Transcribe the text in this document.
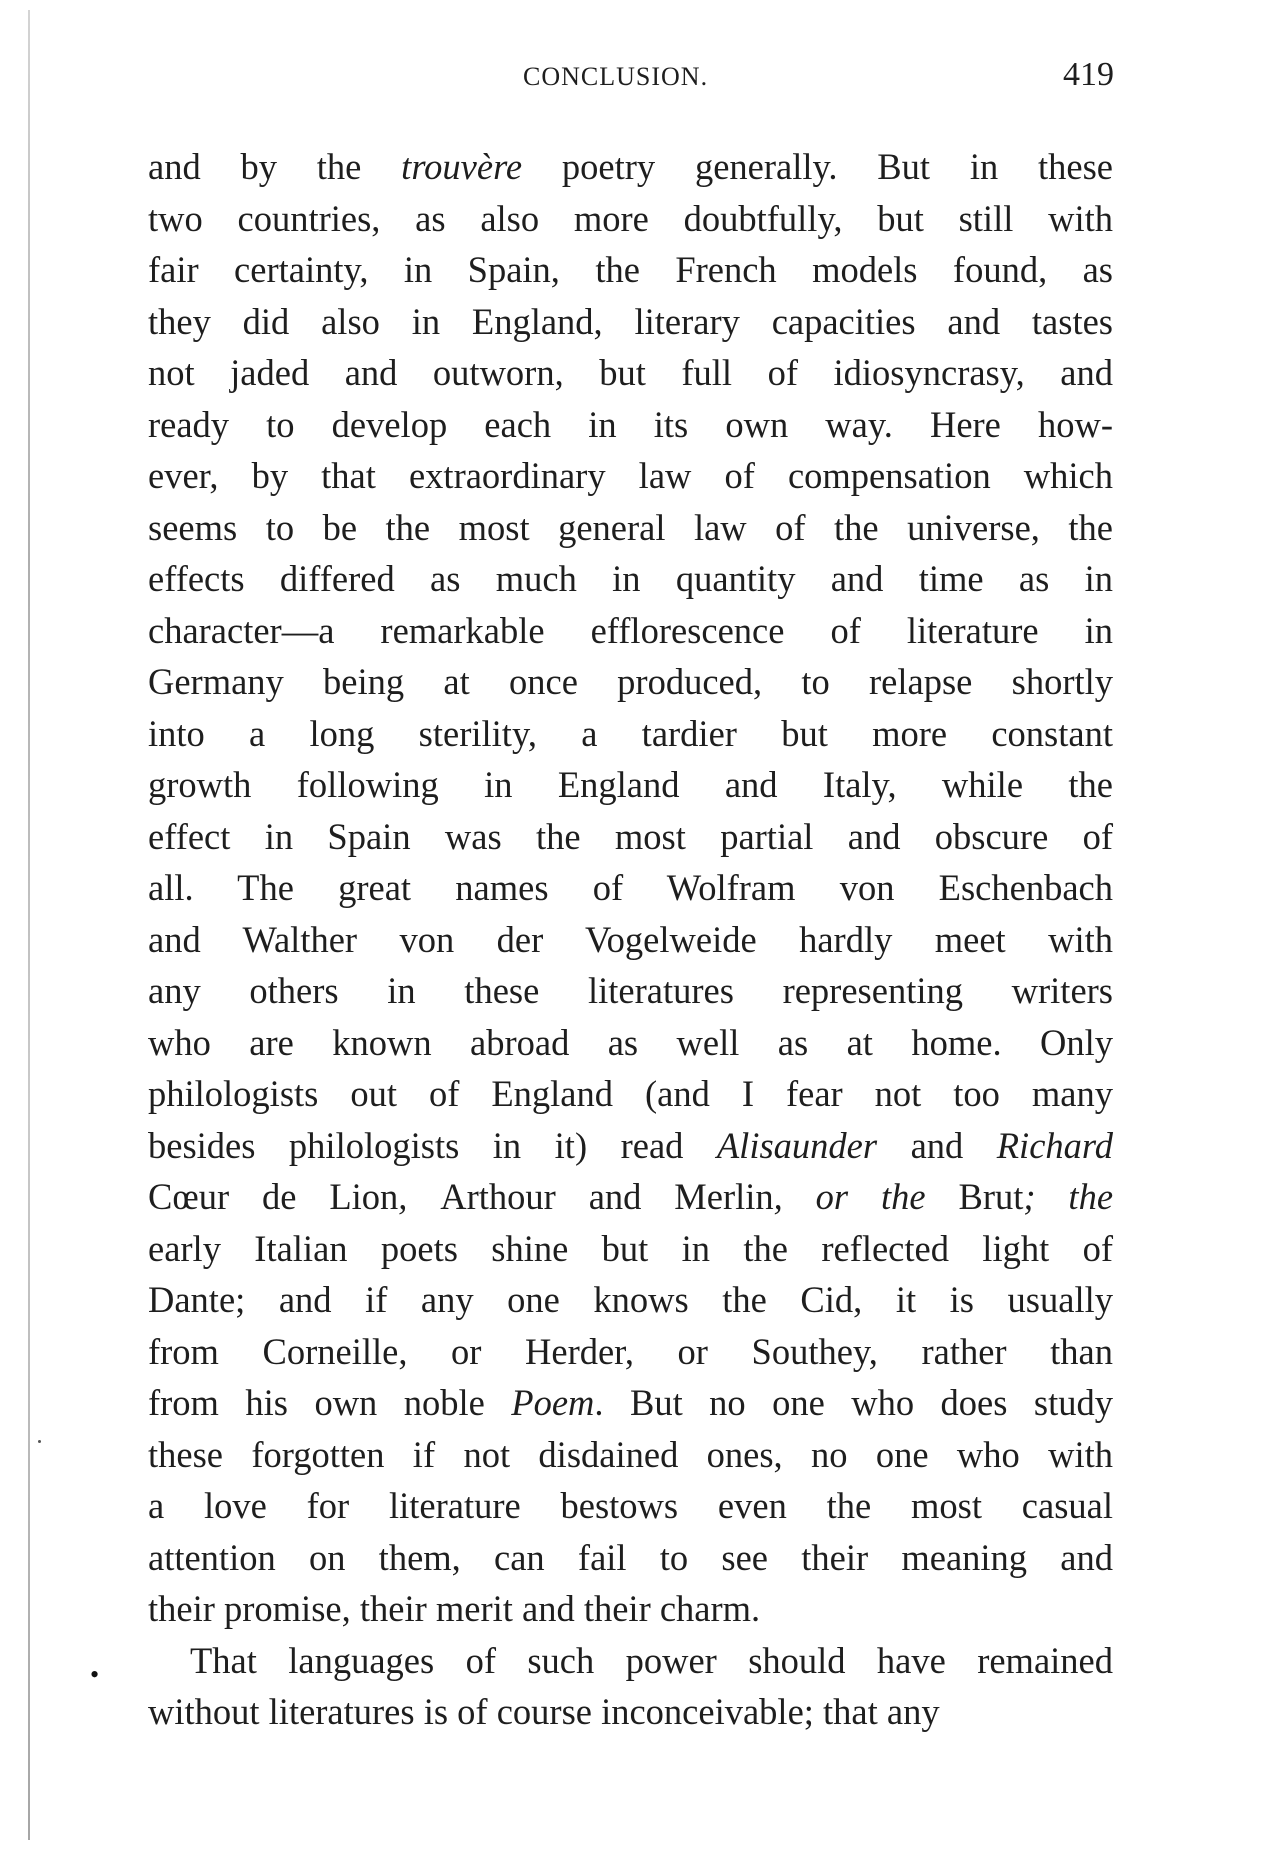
CONCLUSION.	419
and by the trouvère poetry generally. But in these
two countries, as also more doubtfully, but still with
fair certainty, in Spain, the French models found, as
they did also in England, literary capacities and tastes
not jaded and outworn, but full of idiosyncrasy, and
ready to develop each in its own way. Here how-
ever, by that extraordinary law of compensation which
seems to be the most general law of the universe, the
effects differed as much in quantity and time as in
character—a remarkable efflorescence of literature in
Germany being at once produced, to relapse shortly
into a long sterility, a tardier but more constant
growth following in England and Italy, while the
effect in Spain was the most partial and obscure of
all. The great names of Wolfram von Eschenbach
and Walther von der Vogelweide hardly meet with
any others in these literatures representing writers
who are known abroad as well as at home. Only
philologists out of England (and I fear not too many
besides philologists in it) read Alisaunder and Richard
Cœur de Lion, Arthour and Merlin, or the Brut; the
early Italian poets shine but in the reflected light of
Dante; and if any one knows the Cid, it is usually
from Corneille, or Herder, or Southey, rather than
from his own noble Poem. But no one who does study
these forgotten if not disdained ones, no one who with
a love for literature bestows even the most casual
attention on them, can fail to see their meaning and
their promise, their merit and their charm.
That languages of such power should have remained
without literatures is of course inconceivable; that any
•
